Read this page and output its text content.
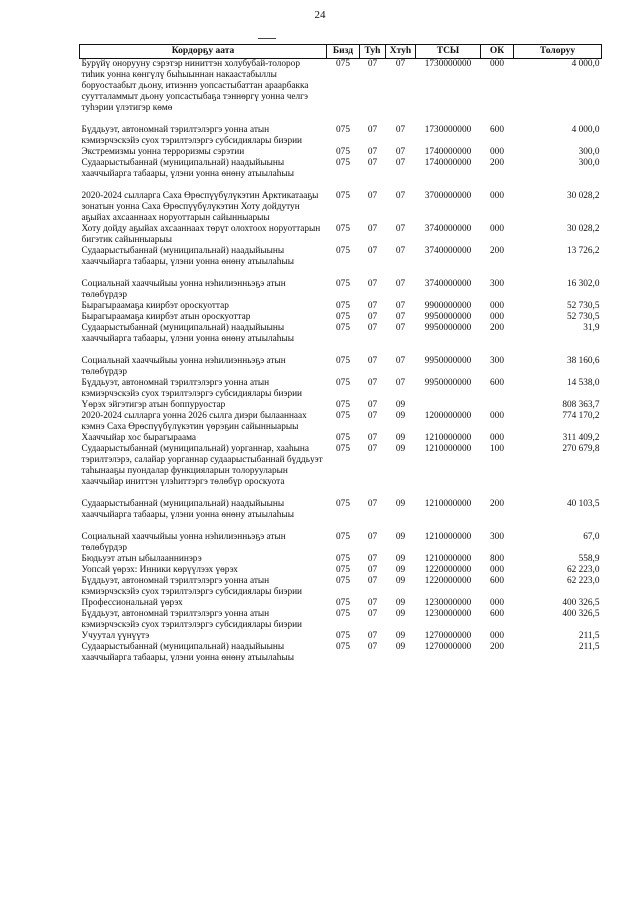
24
Кордорҕу аата	Бизд	Туһ	Хтуһ	ТСЫ	ОК	Толоруу
Бурүйү онорууну сэрэтэр ниниттэн холубубай-толорор тиһик уонна көнгүлү быһыыннан накаастабыллы боруостаабыт дьону, итиэннэ уопсастыбаттан араарбакка суутталаммыт дьону уопсастыбаҕа тэннөргү уонна челгэ туһэрии үлэтигэр көмө	075	07	07	1730000000	000	4 000,0
Бүддьуэт, автономнай тэрилтэлэргэ уонна атын кэмиэрчэскэйэ суох тэрилтэлэргэ субсидиялары биэрии	075	07	07	1730000000	600	4 000,0
Экстремизмы уонна терроризмы сэрэтии	075	07	07	1740000000	000	300,0
Судаарыстыбаннай (муниципальнай) наадыйыыны хааччыйарга табаары, үлэни уонна өнөну атыылаһыы	075	07	07	1740000000	200	300,0
2020-2024 сылларга Саха Өрөспүүбүлүкэтин Арктикатааҕы зонатын уонна Саха Өрөспүүбүлүкэтин Хоту дойдутун аҕыйах ахсааннаах норуоттарын сайынныарыы	075	07	07	3700000000	000	30 028,2
Хоту дойду аҕыйах ахсааннаах төрүт олохтоох норуоттарын бигэтик сайынныарыы	075	07	07	3740000000	000	30 028,2
Судаарыстыбаннай (муниципальнай) наадыйыыны хааччыйарга табаары, үлэни уонна өнөну атыылаһыы	075	07	07	3740000000	200	13 726,2
Социальнай хааччыйыы уонна нэһилиэнньэҕэ атын төлөбүрдэр	075	07	07	3740000000	300	16 302,0
Бырагыраамаҕа киирбэт ороскуоттар	075	07	07	9900000000	000	52 730,5
Бырагыраамаҕа киирбэт атын ороскуоттар	075	07	07	9950000000	000	52 730,5
Судаарыстыбаннай (муниципальнай) наадыйыыны хааччыйарга табаары, үлэни уонна өнөну атыылаһыы	075	07	07	9950000000	200	31,9
Социальнай хааччыйыы уонна нэһилиэнньэҕэ атын төлөбүрдэр	075	07	07	9950000000	300	38 160,6
Бүддьуэт, автономнай тэрилтэлэргэ уонна атын кэмиэрчэскэйэ суох тэрилтэлэргэ субсидиялары биэрии	075	07	07	9950000000	600	14 538,0
Үөрэх эйгэтигэр атын боппуруостар	075	07	09			808 363,7
2020-2024 сылларга уонна 2026 сылга диэри былааннаах кэмнэ Саха Өрөспүүбүлүкэтин үөрэҕин сайынныарыы	075	07	09	1200000000	000	774 170,2
Хааччыйар хос бырагыраама	075	07	09	1210000000	000	311 409,2
Судаарыстыбаннай (муниципальнай) уорганнар, хааһына тэрилтэлэрэ, салайар уорганнар судаарыстыбаннай бүддьуэт таһынааҕы пуондалар функцияларын толорууларын хааччыйар иниттэн үлэһиттэргэ төлөбүр ороскуота	075	07	09	1210000000	100	270 679,8
Судаарыстыбаннай (муниципальнай) наадыйыыны хааччыйарга табаары, үлэни уонна өнөну атыылаһыы	075	07	09	1210000000	200	40 103,5
Социальнай хааччыйыы уонна нэһилиэнньэҕэ атын төлөбүрдэр	075	07	09	1210000000	300	67,0
Бюдьуэт атын ыбылааннинэрэ	075	07	09	1210000000	800	558,9
Уопсай үөрэх: Инники көрүүлээх үөрэх	075	07	09	1220000000	000	62 223,0
Бүддьуэт, автономнай тэрилтэлэргэ уонна атын кэмиэрчэскэйэ суох тэрилтэлэргэ субсидиялары биэрии	075	07	09	1220000000	600	62 223,0
Профессиональнай үөрэх	075	07	09	1230000000	000	400 326,5
Бүддьуэт, автономнай тэрилтэлэргэ уонна атын кэмиэрчэскэйэ суох тэрилтэлэргэ субсидиялары биэрии	075	07	09	1230000000	600	400 326,5
Учуутал үүнүүтэ	075	07	09	1270000000	000	211,5
Судаарыстыбаннай (муниципальнай) наадыйыыны хааччыйарга табаары, үлэни уонна өнөну атыылаһыы	075	07	09	1270000000	200	211,5
